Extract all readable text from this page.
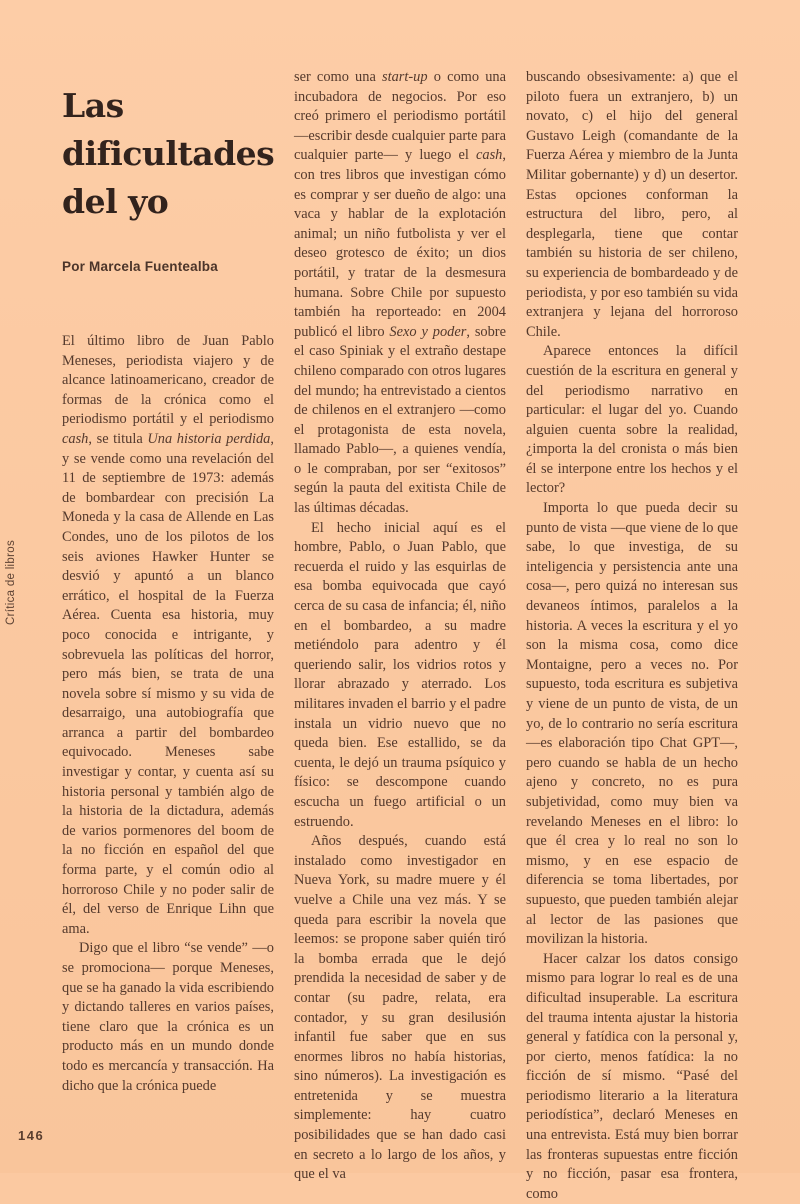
Crítica de libros
146
Las dificultades del yo
Por Marcela Fuentealba

El último libro de Juan Pablo Meneses, periodista viajero y de alcance latinoamericano, creador de formas de la crónica como el periodismo portátil y el periodismo cash, se titula Una historia perdida, y se vende como una revelación del 11 de septiembre de 1973: además de bombardear con precisión La Moneda y la casa de Allende en Las Condes, uno de los pilotos de los seis aviones Hawker Hunter se desvió y apuntó a un blanco errático, el hospital de la Fuerza Aérea. Cuenta esa historia, muy poco conocida e intrigante, y sobrevuela las políticas del horror, pero más bien, se trata de una novela sobre sí mismo y su vida de desarraigo, una autobiografía que arranca a partir del bombardeo equivocado. Meneses sabe investigar y contar, y cuenta así su historia personal y también algo de la historia de la dictadura, además de varios pormenores del boom de la no ficción en español del que forma parte, y el común odio al horroroso Chile y no poder salir de él, del verso de Enrique Lihn que ama.

Digo que el libro “se vende” —o se promociona— porque Meneses, que se ha ganado la vida escribiendo y dictando talleres en varios países, tiene claro que la crónica es un producto más en un mundo donde todo es mercancía y transacción. Ha dicho que la crónica puede

ser como una start-up o como una incubadora de negocios. Por eso creó primero el periodismo portátil —escribir desde cualquier parte para cualquier parte— y luego el cash, con tres libros que investigan cómo es comprar y ser dueño de algo: una vaca y hablar de la explotación animal; un niño futbolista y ver el deseo grotesco de éxito; un dios portátil, y tratar de la desmesura humana. Sobre Chile por supuesto también ha reporteado: en 2004 publicó el libro Sexo y poder, sobre el caso Spiniak y el extraño destape chileno comparado con otros lugares del mundo; ha entrevistado a cientos de chilenos en el extranjero —como el protagonista de esta novela, llamado Pablo—, a quienes vendía, o le compraban, por ser “exitosos” según la pauta del exitista Chile de las últimas décadas.

El hecho inicial aquí es el hombre, Pablo, o Juan Pablo, que recuerda el ruido y las esquirlas de esa bomba equivocada que cayó cerca de su casa de infancia; él, niño en el bombardeo, a su madre metiéndolo para adentro y él queriendo salir, los vidrios rotos y llorar abrazado y aterrado. Los militares invaden el barrio y el padre instala un vidrio nuevo que no queda bien. Ese estallido, se da cuenta, le dejó un trauma psíquico y físico: se descompone cuando escucha un fuego artificial o un estruendo.

Años después, cuando está instalado como investigador en Nueva York, su madre muere y él vuelve a Chile una vez más. Y se queda para escribir la novela que leemos: se propone saber quién tiró la bomba errada que le dejó prendida la necesidad de saber y de contar (su padre, relata, era contador, y su gran desilusión infantil fue saber que en sus enormes libros no había historias, sino números). La investigación es entretenida y se muestra simplemente: hay cuatro posibilidades que se han dado casi en secreto a lo largo de los años, y que el va

buscando obsesivamente: a) que el piloto fuera un extranjero, b) un novato, c) el hijo del general Gustavo Leigh (comandante de la Fuerza Aérea y miembro de la Junta Militar gobernante) y d) un desertor. Estas opciones conforman la estructura del libro, pero, al desplegarla, tiene que contar también su historia de ser chileno, su experiencia de bombardeado y de periodista, y por eso también su vida extranjera y lejana del horroroso Chile.

Aparece entonces la difícil cuestión de la escritura en general y del periodismo narrativo en particular: el lugar del yo. Cuando alguien cuenta sobre la realidad, ¿importa la del cronista o más bien él se interpone entre los hechos y el lector?

Importa lo que pueda decir su punto de vista —que viene de lo que sabe, lo que investiga, de su inteligencia y persistencia ante una cosa—, pero quizá no interesan sus devaneos íntimos, paralelos a la historia. A veces la escritura y el yo son la misma cosa, como dice Montaigne, pero a veces no. Por supuesto, toda escritura es subjetiva y viene de un punto de vista, de un yo, de lo contrario no sería escritura —es elaboración tipo Chat GPT—, pero cuando se habla de un hecho ajeno y concreto, no es pura subjetividad, como muy bien va revelando Meneses en el libro: lo que él crea y lo real no son lo mismo, y en ese espacio de diferencia se toma libertades, por supuesto, que pueden también alejar al lector de las pasiones que movilizan la historia.

Hacer calzar los datos consigo mismo para lograr lo real es de una dificultad insuperable. La escritura del trauma intenta ajustar la historia general y fatídica con la personal y, por cierto, menos fatídica: la no ficción de sí mismo. “Pasé del periodismo literario a la literatura periodística”, declaró Meneses en una entrevista. Está muy bien borrar las fronteras supuestas entre ficción y no ficción, pasar esa frontera, como
